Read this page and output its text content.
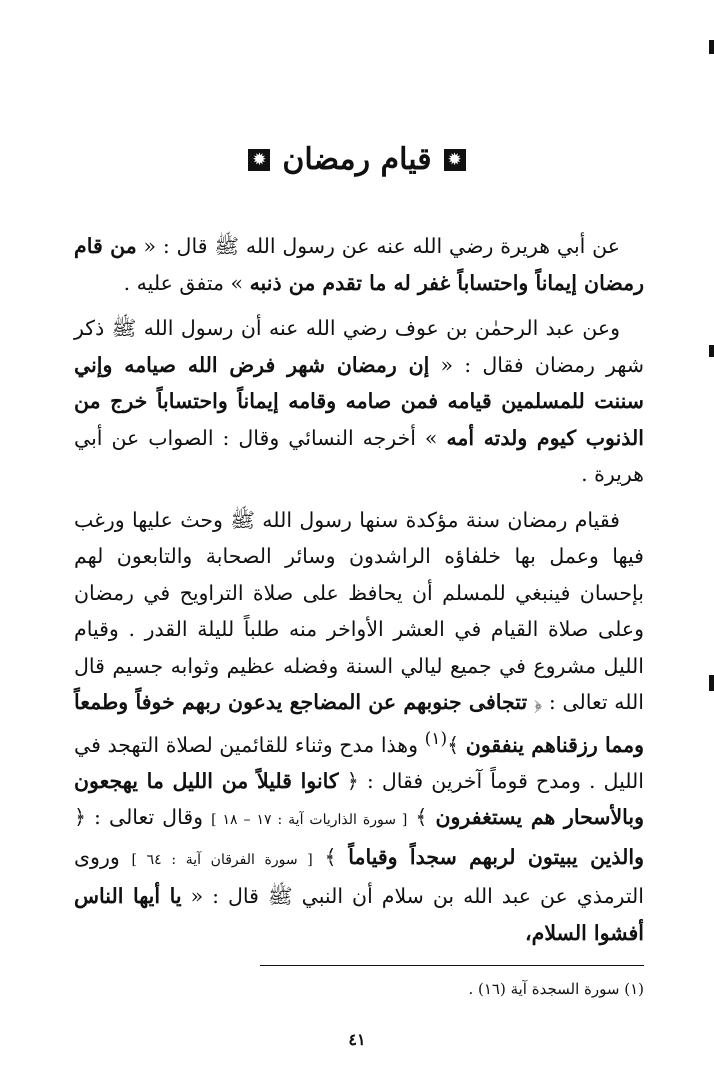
✹
قيام رمضان
✹

عن أبي هريرة رضي الله عنه عن رسول الله ﷺ قال : « من قام رمضان إيماناً واحتساباً غفر له ما تقدم من ذنبه » متفق عليه .

وعن عبد الرحمٰن بن عوف رضي الله عنه أن رسول الله ﷺ ذكر شهر رمضان فقال : « إن رمضان شهر فرض الله صيامه وإني سننت للمسلمين قيامه فمن صامه وقامه إيماناً واحتساباً خرج من الذنوب كيوم ولدته أمه » أخرجه النسائي وقال : الصواب عن أبي هريرة .

فقيام رمضان سنة مؤكدة سنها رسول الله ﷺ وحث عليها ورغب فيها وعمل بها خلفاؤه الراشدون وسائر الصحابة والتابعون لهم بإحسان فينبغي للمسلم أن يحافظ على صلاة التراويح في رمضان وعلى صلاة القيام في العشر الأواخر منه طلباً لليلة القدر . وقيام الليل مشروع في جميع ليالي السنة وفضله عظيم وثوابه جسيم قال الله تعالى : ﴿ تتجافى جنوبهم عن المضاجع يدعون ربهم خوفاً وطمعاً ومما رزقناهم ينفقون ﴾$^{(١)}$ وهذا مدح وثناء للقائمين لصلاة التهجد في الليل . ومدح قوماً آخرين فقال : ﴿ كانوا قليلاً من الليل ما يهجعون وبالأسحار هم يستغفرون ﴾ [ سورة الذاريات آية : ١٧ – ١٨ ] وقال تعالى : ﴿ والذين يبيتون لربهم سجداً وقياماً ﴾ [ سورة الفرقان آية : ٦٤ ] وروى الترمذي عن عبد الله بن سلام أن النبي ﷺ قال : « يا أيها الناس أفشوا السلام،

(١) سورة السجدة آية (١٦) .
٤١
